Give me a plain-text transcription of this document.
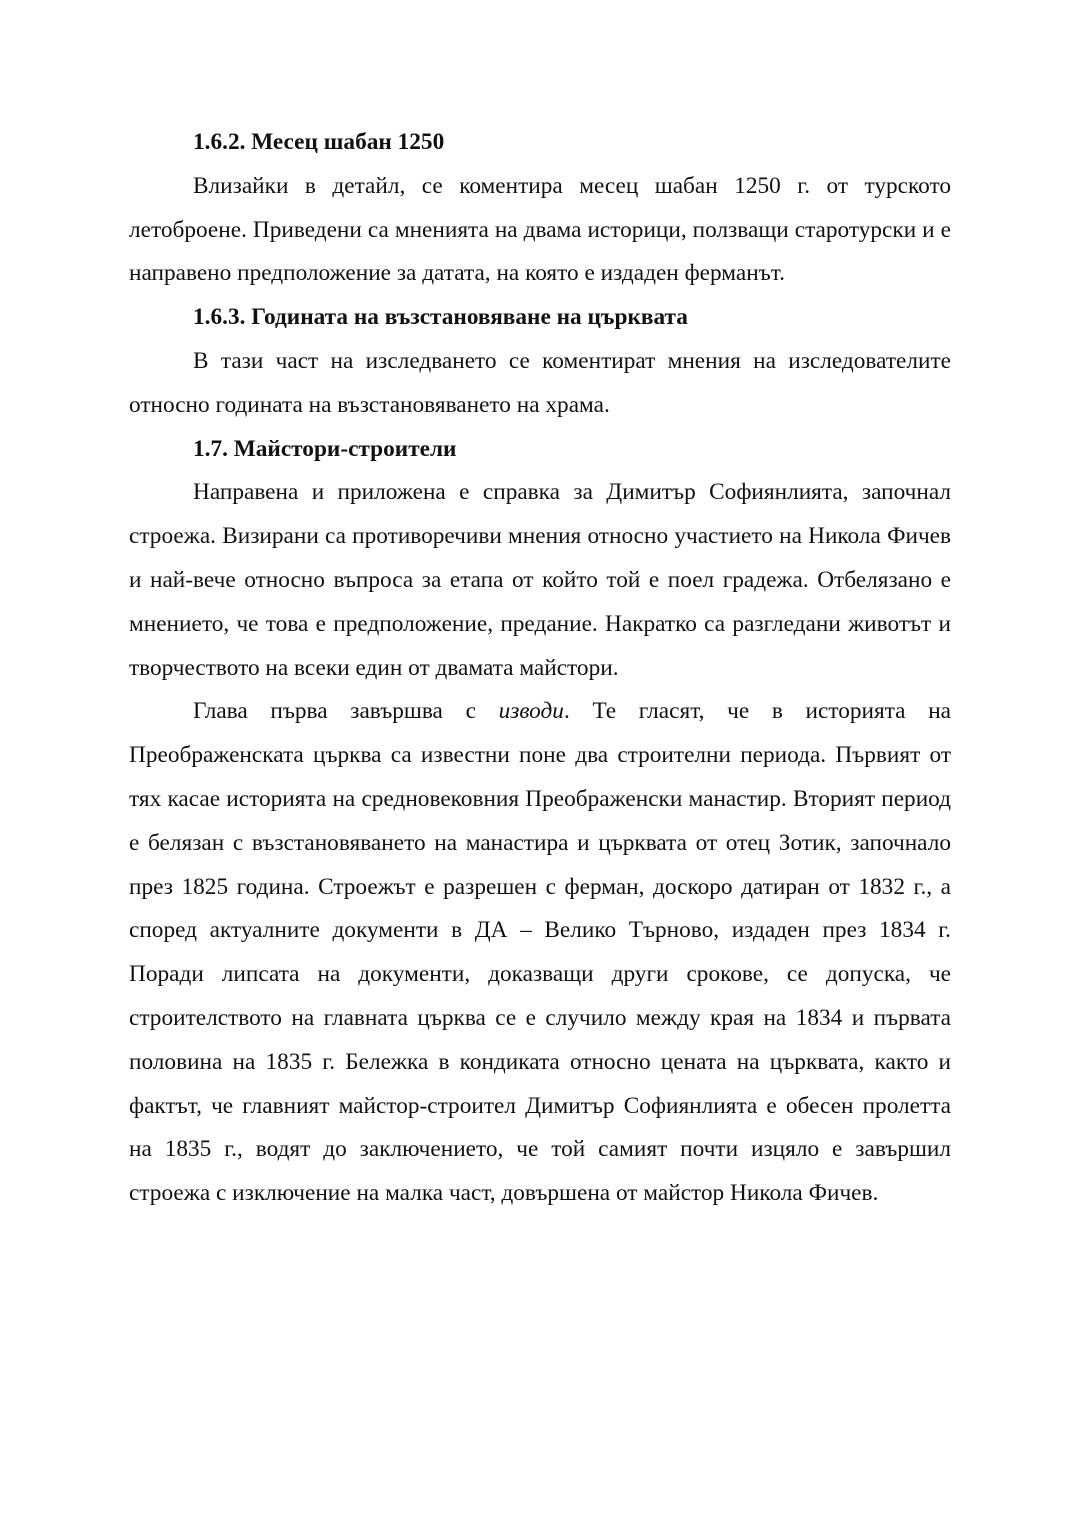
1.6.2. Месец шабан 1250

Влизайки в детайл, се коментира месец шабан 1250 г. от турското летоброене. Приведени са мненията на двама историци, ползващи старотурски и е направено предположение за датата, на която е издаден ферманът.

1.6.3. Годината на възстановяване на църквата

В тази част на изследването се коментират мнения на изследователите относно годината на възстановяването на храма.

1.7. Майстори-строители

Направена и приложена е справка за Димитър Софиянлията, започнал строежа. Визирани са противоречиви мнения относно участието на Никола Фичев и най-вече относно въпроса за етапа от който той е поел градежа. Отбелязано е мнението, че това е предположение, предание. Накратко са разгледани животът и творчеството на всеки един от двамата майстори.

Глава първа завършва с изводи. Те гласят, че в историята на Преображенската църква са известни поне два строителни периода. Първият от тях касае историята на средновековния Преображенски манастир. Вторият период е белязан с възстановяването на манастира и църквата от отец Зотик, започнало през 1825 година. Строежът е разрешен с ферман, доскоро датиран от 1832 г., а според актуалните документи в ДА – Велико Търново, издаден през 1834 г. Поради липсата на документи, доказващи други срокове, се допуска, че строителството на главната църква се е случило между края на 1834 и първата половина на 1835 г. Бележка в кондиката относно цената на църквата, както и фактът, че главният майстор-строител Димитър Софиянлията е обесен пролетта на 1835 г., водят до заключението, че той самият почти изцяло е завършил строежа с изключение на малка част, довършена от майстор Никола Фичев.
